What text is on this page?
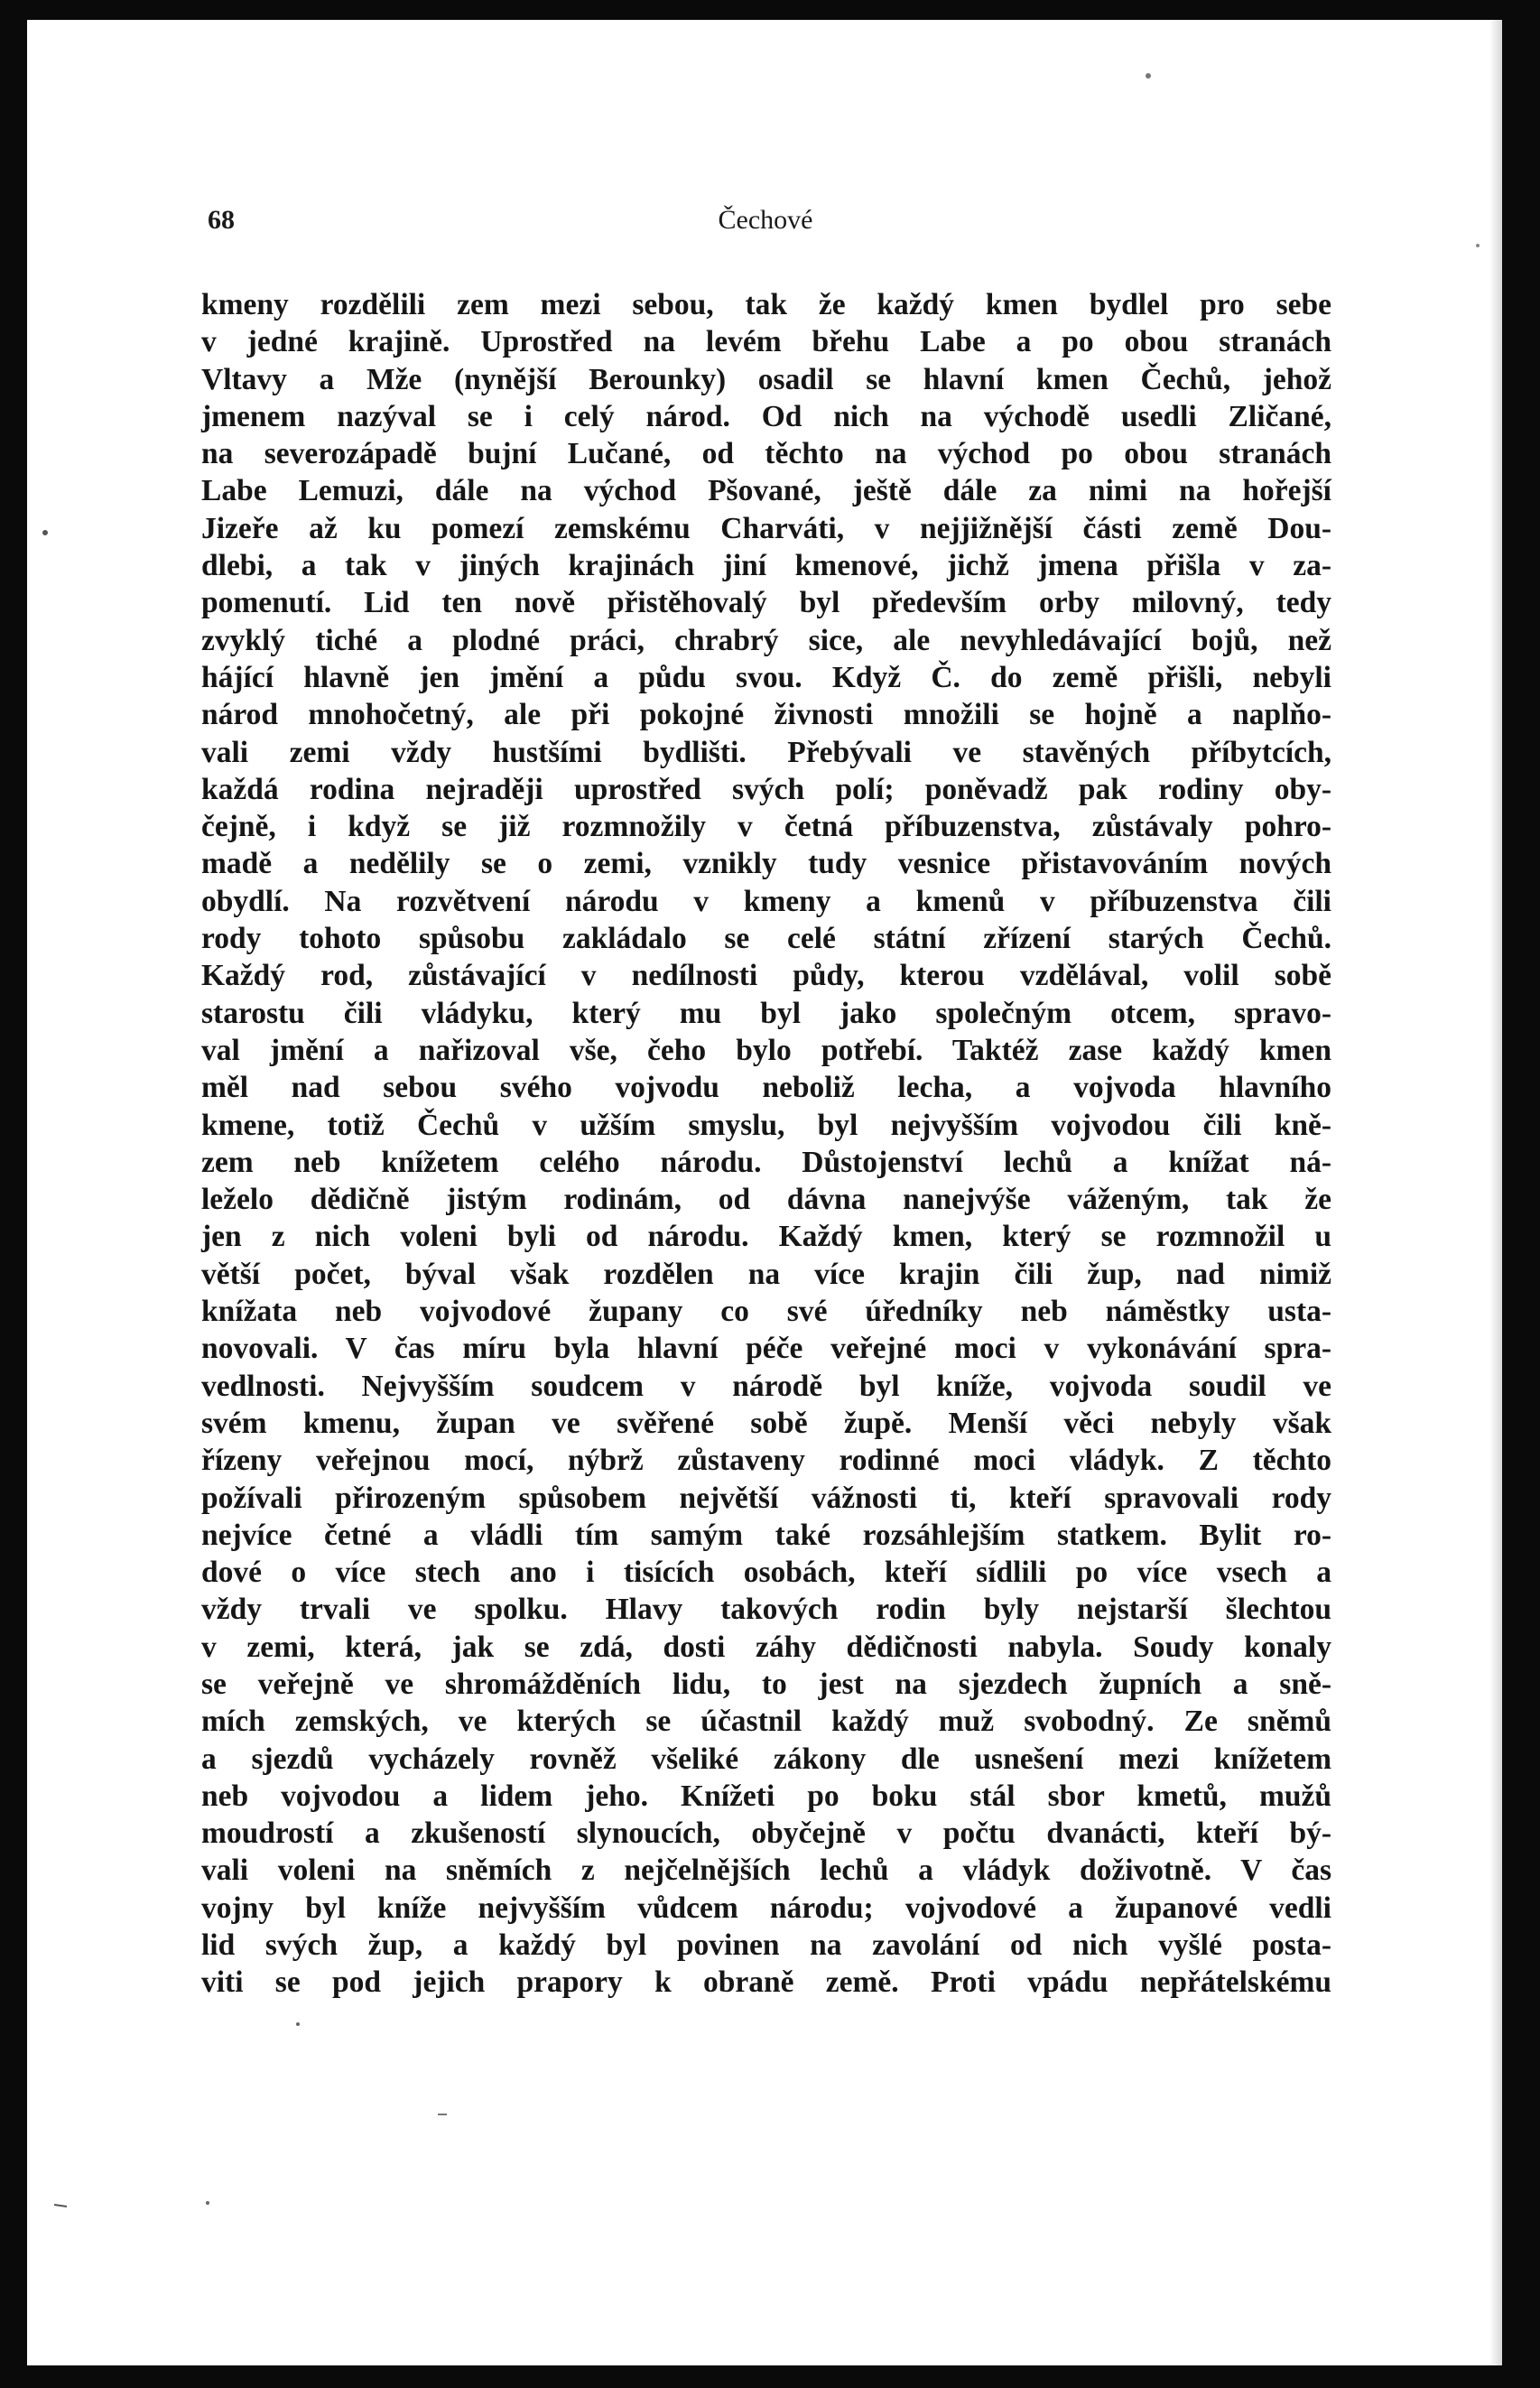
68	Čechové
kmeny rozdělili zem mezi sebou, tak že každý kmen bydlel pro sebe
v jedné krajině. Uprostřed na levém břehu Labe a po obou stranách
Vltavy a Mže (nynější Berounky) osadil se hlavní kmen Čechů, jehož
jmenem nazýval se i celý národ. Od nich na východě usedli Zličané,
na severozápadě bujní Lučané, od těchto na východ po obou stranách
Labe Lemuzi, dále na východ Pšované, ještě dále za nimi na hořejší
Jizeře až ku pomezí zemskému Charváti, v nejjižnější části země Dou-
dlebi, a tak v jiných krajinách jiní kmenové, jichž jmena přišla v za-
pomenutí. Lid ten nově přistěhovalý byl především orby milovný, tedy
zvyklý tiché a plodné práci, chrabrý sice, ale nevyhledávající bojů, než
hájící hlavně jen jmění a půdu svou. Když Č. do země přišli, nebyli
národ mnohočetný, ale při pokojné živnosti množili se hojně a naplňo-
vali zemi vždy hustšími bydlišti. Přebývali ve stavěných příbytcích,
každá rodina nejraději uprostřed svých polí; poněvadž pak rodiny oby-
čejně, i když se již rozmnožily v četná příbuzenstva, zůstávaly pohro-
madě a nedělily se o zemi, vznikly tudy vesnice přistavováním nových
obydlí. Na rozvětvení národu v kmeny a kmenů v příbuzenstva čili
rody tohoto spůsobu zakládalo se celé státní zřízení starých Čechů.
Každý rod, zůstávající v nedílnosti půdy, kterou vzdělával, volil sobě
starostu čili vládyku, který mu byl jako společným otcem, spravo-
val jmění a nařizoval vše, čeho bylo potřebí. Taktéž zase každý kmen
měl nad sebou svého vojvodu neboliž lecha, a vojvoda hlavního
kmene, totiž Čechů v užším smyslu, byl nejvyšším vojvodou čili kně-
zem neb knížetem celého národu. Důstojenství lechů a knížat ná-
leželo dědičně jistým rodinám, od dávna nanejvýše váženým, tak že
jen z nich voleni byli od národu. Každý kmen, který se rozmnožil u
větší počet, býval však rozdělen na více krajin čili žup, nad nimiž
knížata neb vojvodové župany co své úředníky neb náměstky usta-
novovali. V čas míru byla hlavní péče veřejné moci v vykonávání spra-
vedlnosti. Nejvyšším soudcem v národě byl kníže, vojvoda soudil ve
svém kmenu, župan ve svěřené sobě župě. Menší věci nebyly však
řízeny veřejnou mocí, nýbrž zůstaveny rodinné moci vládyk. Z těchto
požívali přirozeným spůsobem největší vážnosti ti, kteří spravovali rody
nejvíce četné a vládli tím samým také rozsáhlejším statkem. Bylit ro-
dové o více stech ano i tisících osobách, kteří sídlili po více vsech a
vždy trvali ve spolku. Hlavy takových rodin byly nejstarší šlechtou
v zemi, která, jak se zdá, dosti záhy dědičnosti nabyla. Soudy konaly
se veřejně ve shromážděních lidu, to jest na sjezdech župních a sně-
mích zemských, ve kterých se účastnil každý muž svobodný. Ze sněmů
a sjezdů vycházely rovněž všeliké zákony dle usnešení mezi knížetem
neb vojvodou a lidem jeho. Knížeti po boku stál sbor kmetů, mužů
moudrostí a zkušeností slynoucích, obyčejně v počtu dvanácti, kteří bý-
vali voleni na sněmích z nejčelnějších lechů a vládyk doživotně. V čas
vojny byl kníže nejvyšším vůdcem národu; vojvodové a županové vedli
lid svých žup, a každý byl povinen na zavolání od nich vyšlé posta-
viti se pod jejich prapory k obraně země. Proti vpádu nepřátelskému
